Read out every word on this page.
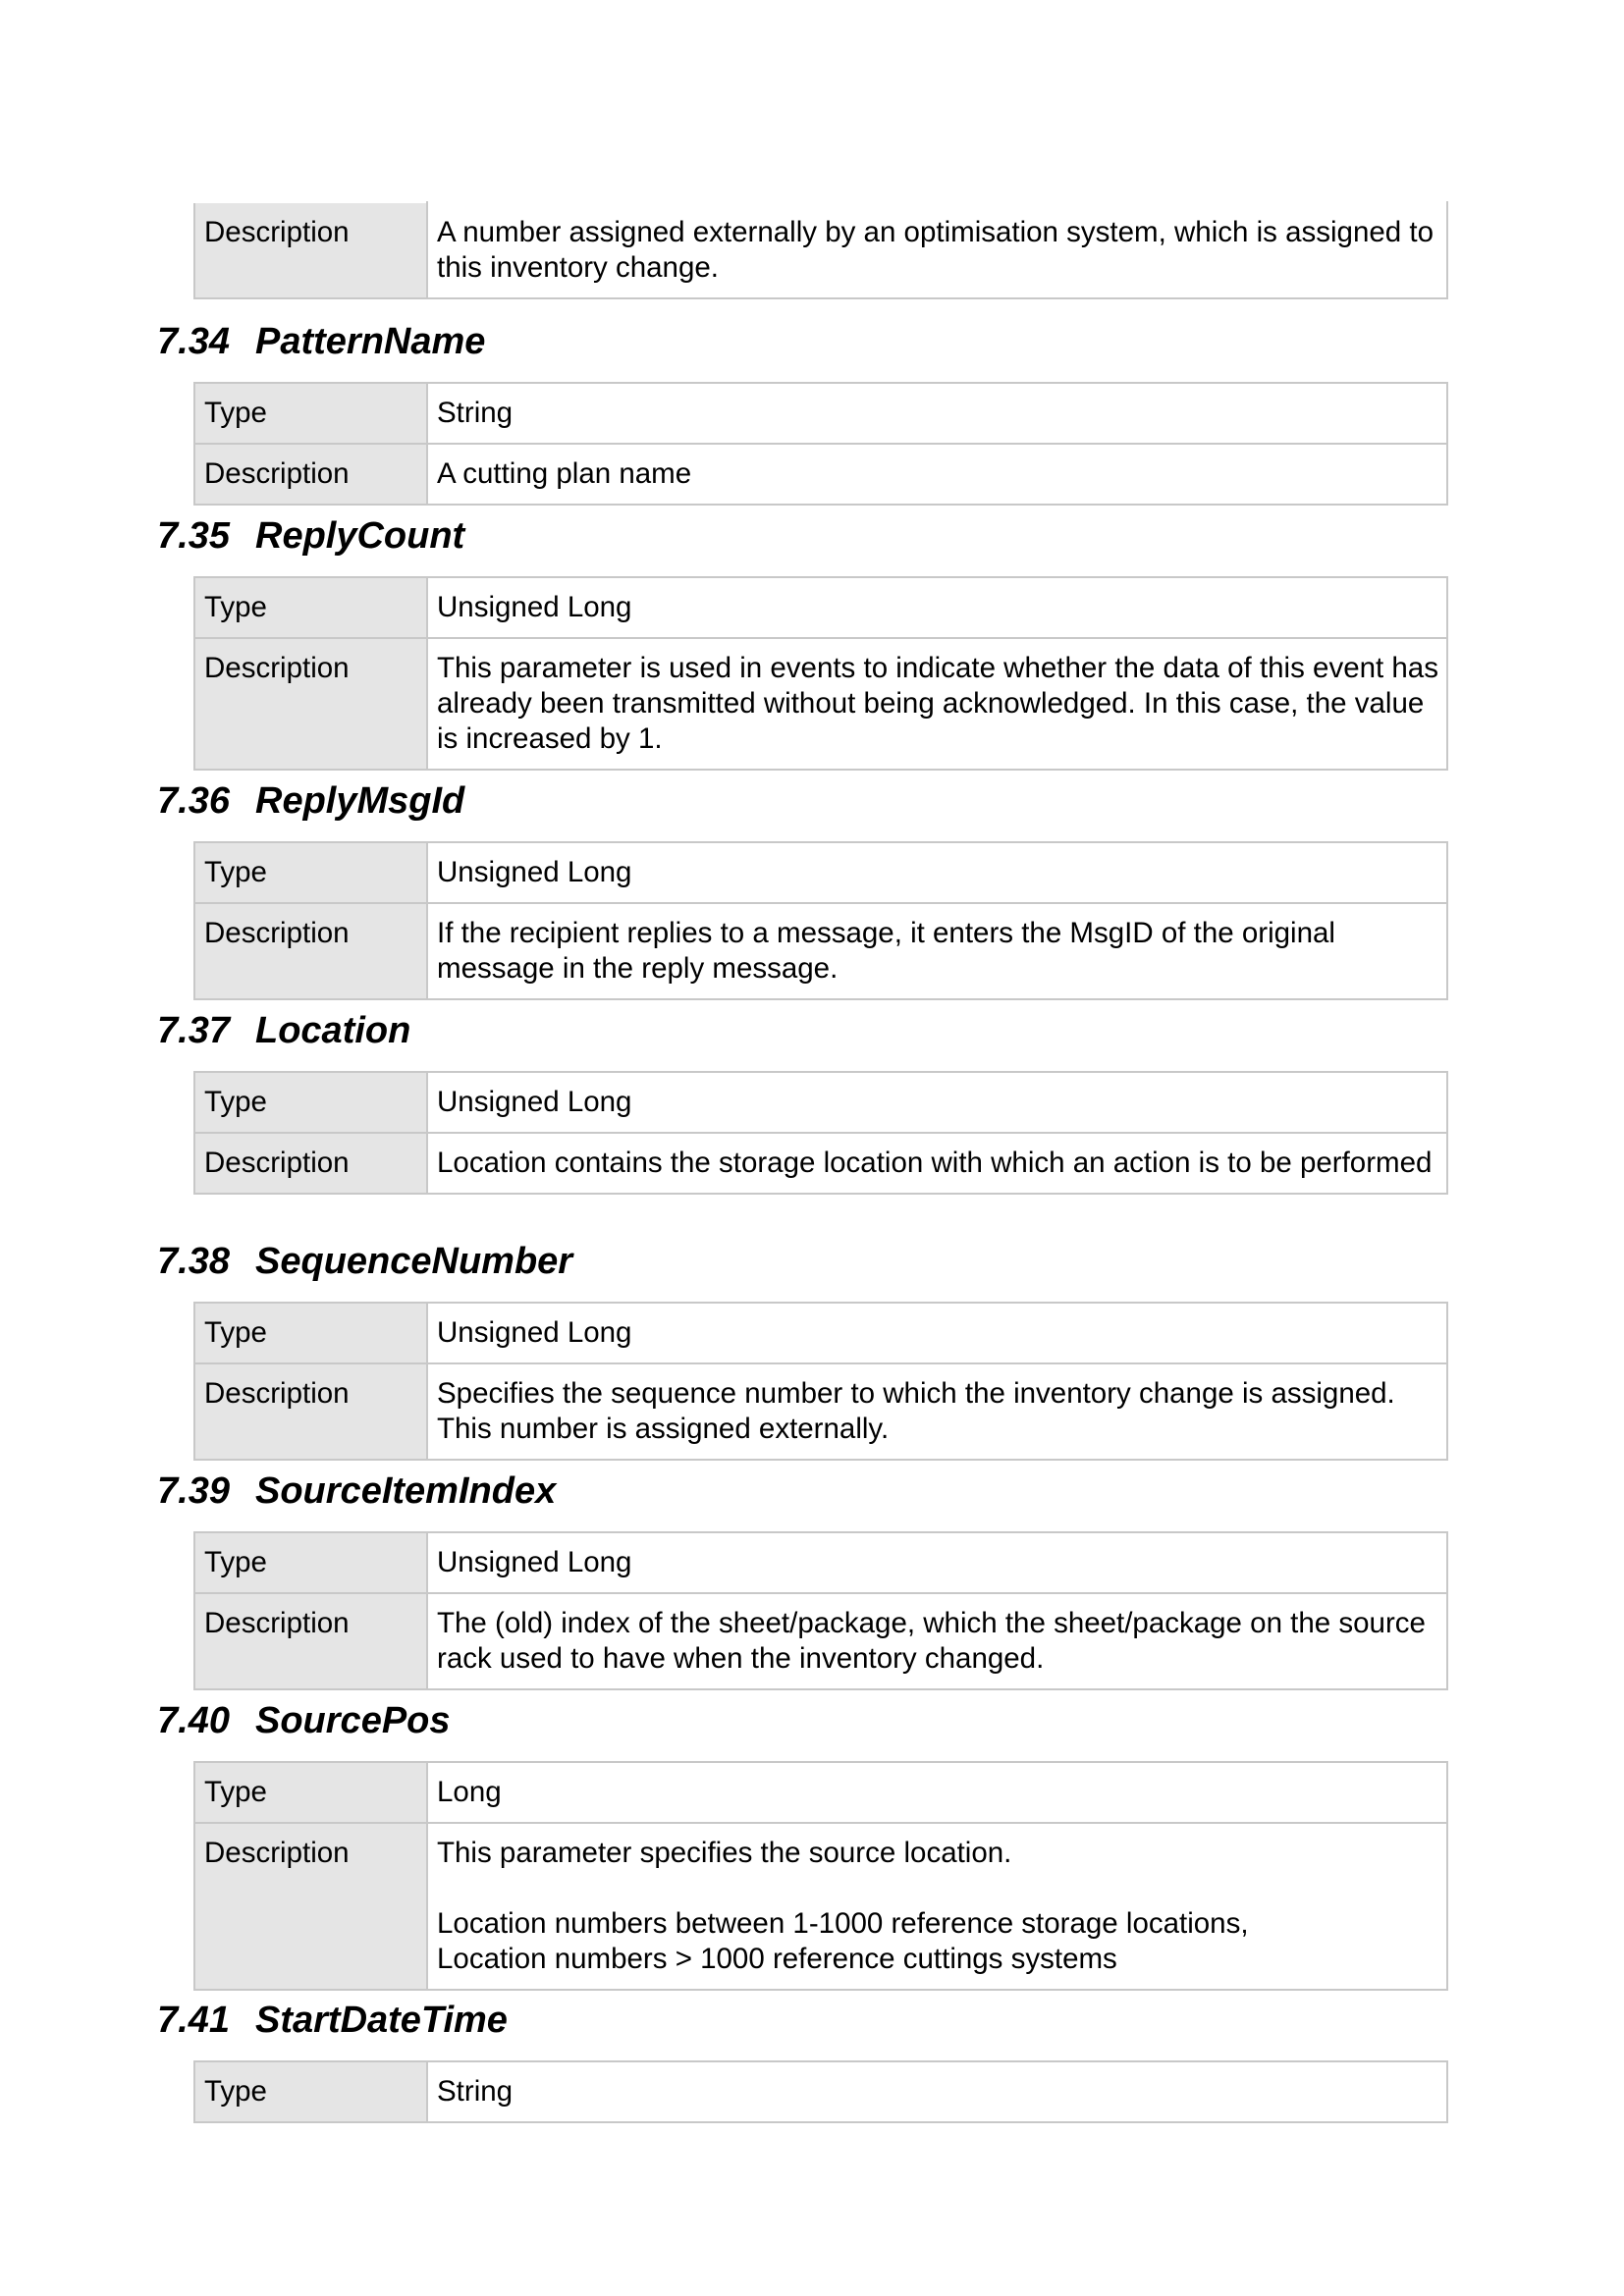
Description	A number assigned externally by an optimisation system, which is assigned to this inventory change.
7.34 PatternName
Type	String
Description	A cutting plan name
7.35 ReplyCount
Type	Unsigned Long
Description	This parameter is used in events to indicate whether the data of this event has already been transmitted without being acknowledged. In this case, the value is increased by 1.
7.36 ReplyMsgId
Type	Unsigned Long
Description	If the recipient replies to a message, it enters the MsgID of the original message in the reply message.
7.37 Location
Type	Unsigned Long
Description	Location contains the storage location with which an action is to be performed
7.38 SequenceNumber
Type	Unsigned Long
Description	Specifies the sequence number to which the inventory change is assigned. This number is assigned externally.
7.39 SourceItemIndex
Type	Unsigned Long
Description	The (old) index of the sheet/package, which the sheet/package on the source rack used to have when the inventory changed.
7.40 SourcePos
Type	Long
Description	This parameter specifies the source location.
Location numbers between 1-1000 reference storage locations,
Location numbers > 1000 reference cuttings systems
7.41 StartDateTime
Type	String
